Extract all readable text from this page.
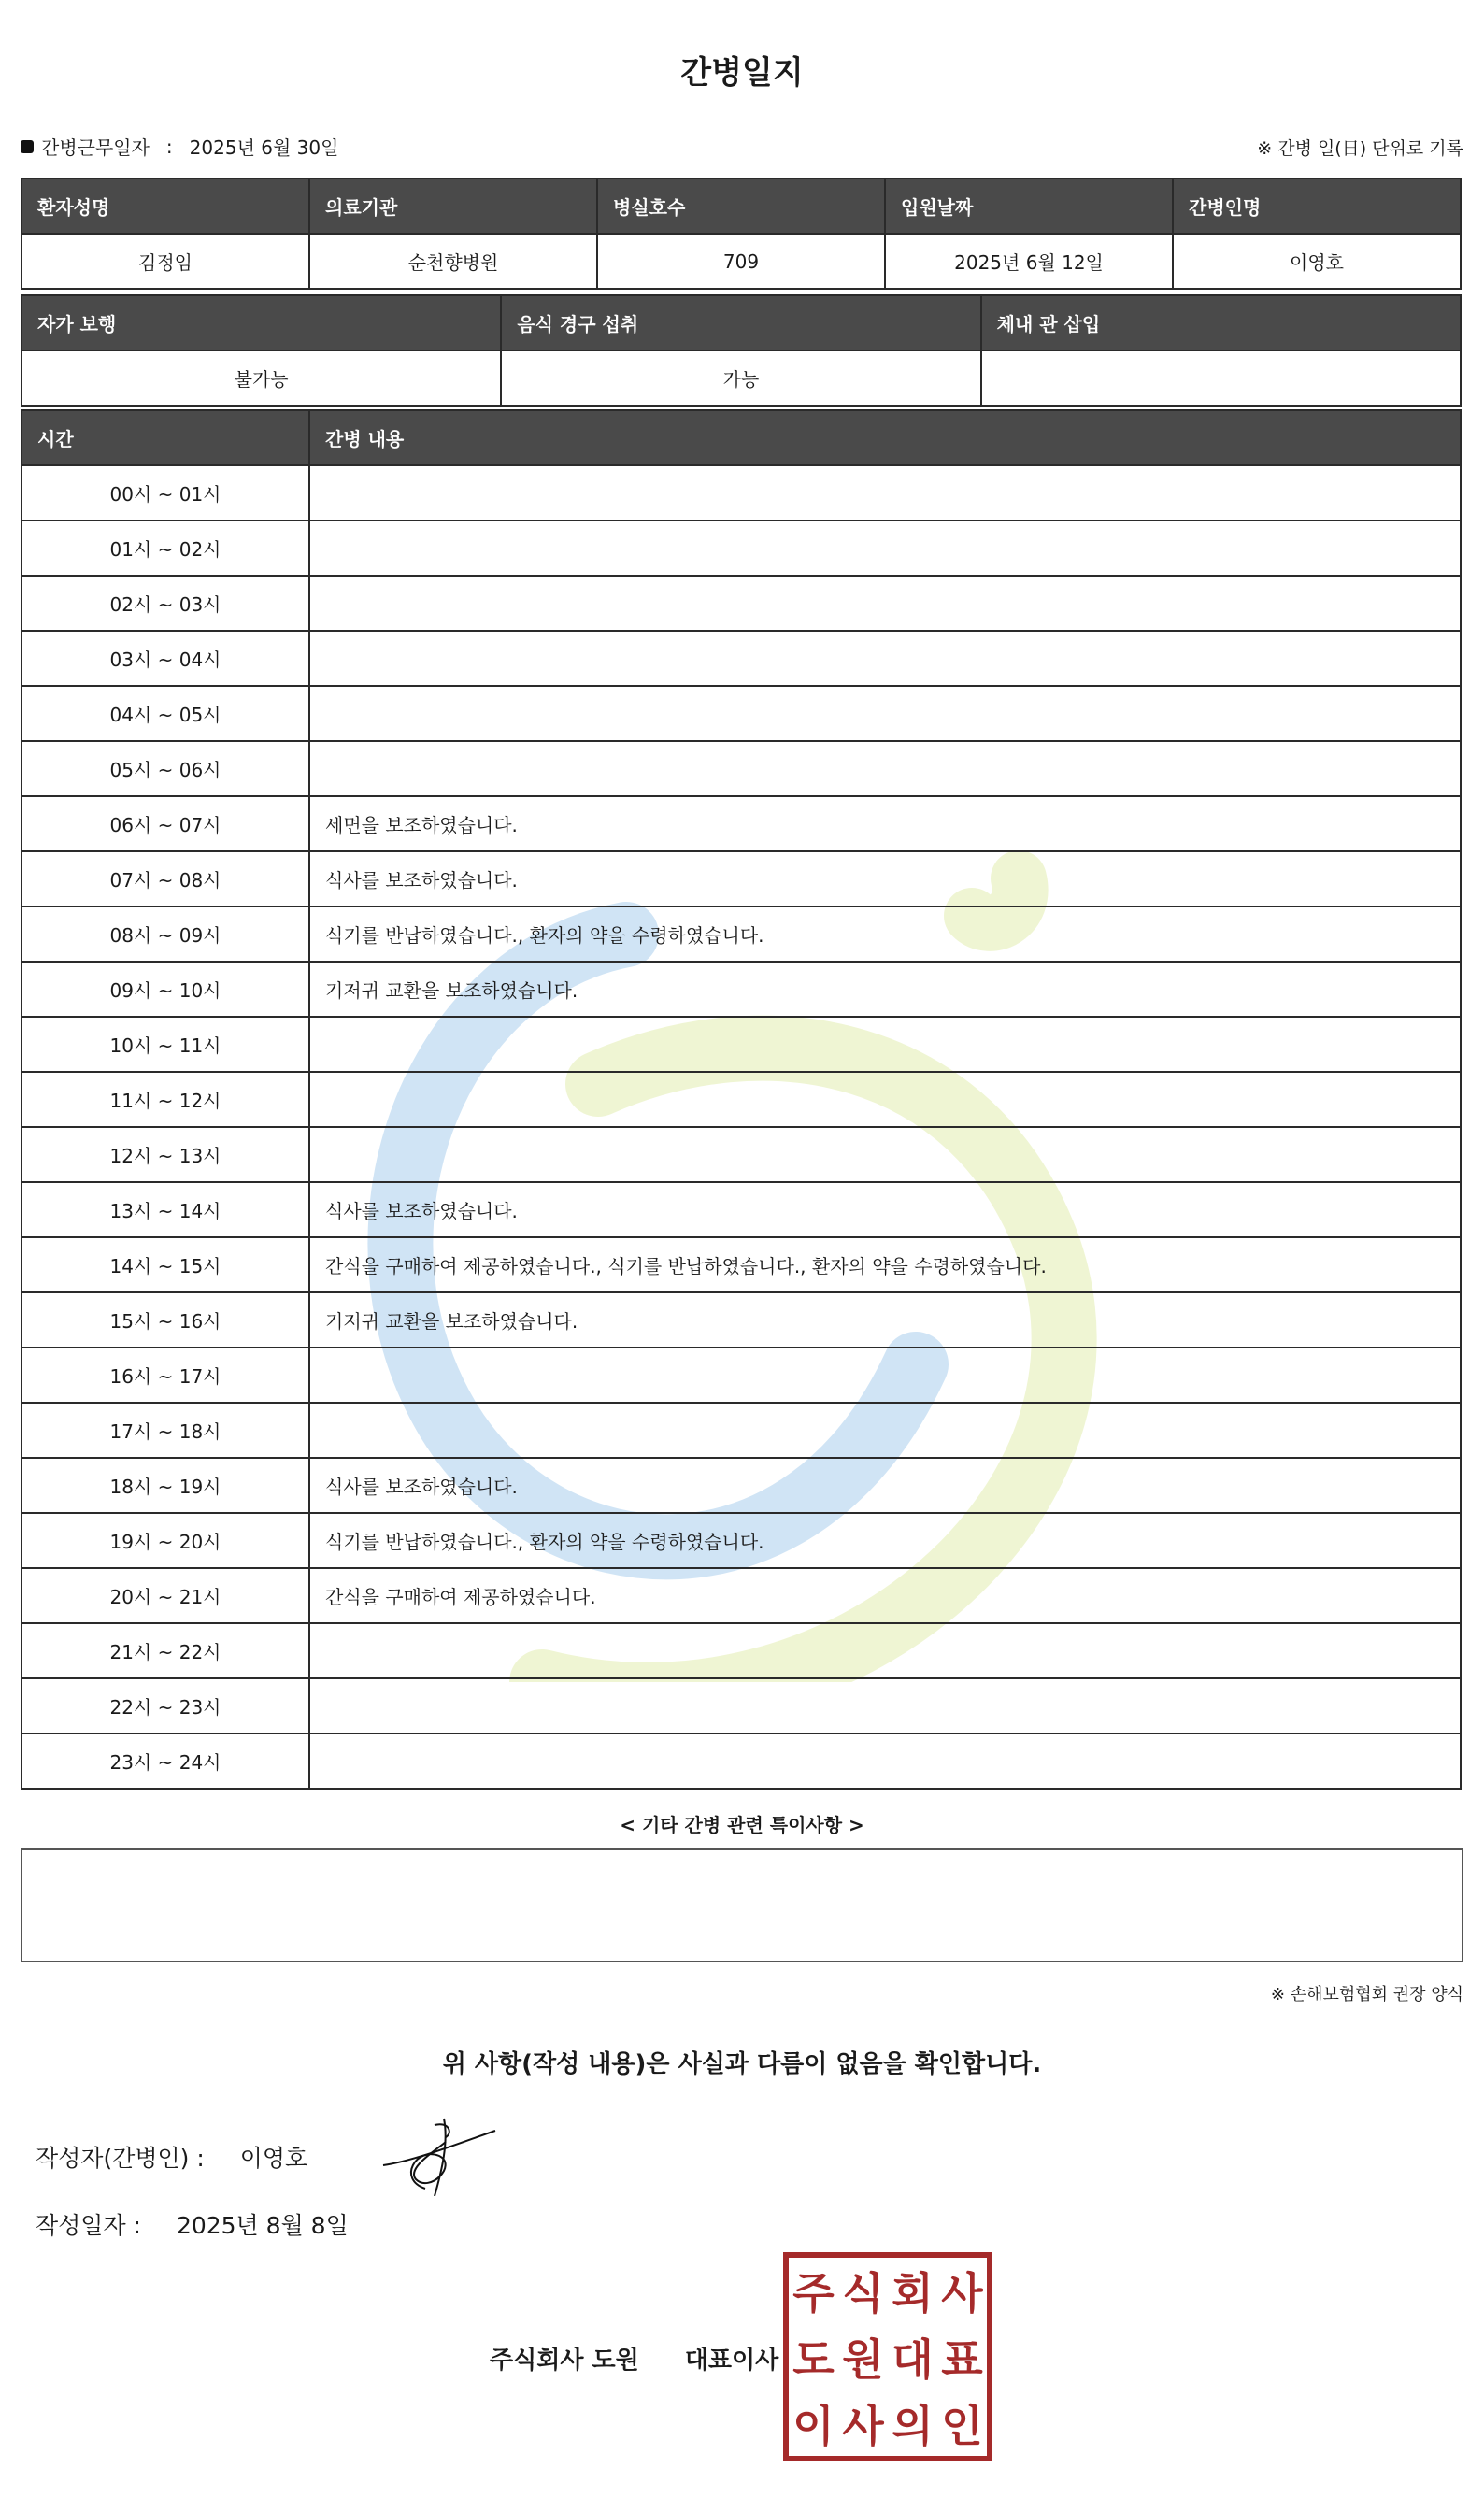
간병일지
간병근무일자 : 2025년 6월 30일	※ 간병 일(日) 단위로 기록
환자성명	의료기관	병실호수	입원날짜	간병인명
김정임	순천향병원	709	2025년 6월 12일	이영호
자가 보행	음식 경구 섭취	체내 관 삽입
불가능	가능	
시간	간병 내용
00시 ~ 01시	
01시 ~ 02시	
02시 ~ 03시	
03시 ~ 04시	
04시 ~ 05시	
05시 ~ 06시	
06시 ~ 07시	세면을 보조하였습니다.
07시 ~ 08시	식사를 보조하였습니다.
08시 ~ 09시	식기를 반납하였습니다., 환자의 약을 수령하였습니다.
09시 ~ 10시	기저귀 교환을 보조하였습니다.
10시 ~ 11시	
11시 ~ 12시	
12시 ~ 13시	
13시 ~ 14시	식사를 보조하였습니다.
14시 ~ 15시	간식을 구매하여 제공하였습니다., 식기를 반납하였습니다., 환자의 약을 수령하였습니다.
15시 ~ 16시	기저귀 교환을 보조하였습니다.
16시 ~ 17시	
17시 ~ 18시	
18시 ~ 19시	식사를 보조하였습니다.
19시 ~ 20시	식기를 반납하였습니다., 환자의 약을 수령하였습니다.
20시 ~ 21시	간식을 구매하여 제공하였습니다.
21시 ~ 22시	
22시 ~ 23시	
23시 ~ 24시	
< 기타 간병 관련 특이사항 >
※ 손해보험협회 권장 양식
위 사항(작성 내용)은 사실과 다름이 없음을 확인합니다.
작성자(간병인) : 이영호
작성일자 : 2025년 8월 8일
주식회사 도원 대표이사
주 식 회 사
도 원 대 표
이 사 의 인
